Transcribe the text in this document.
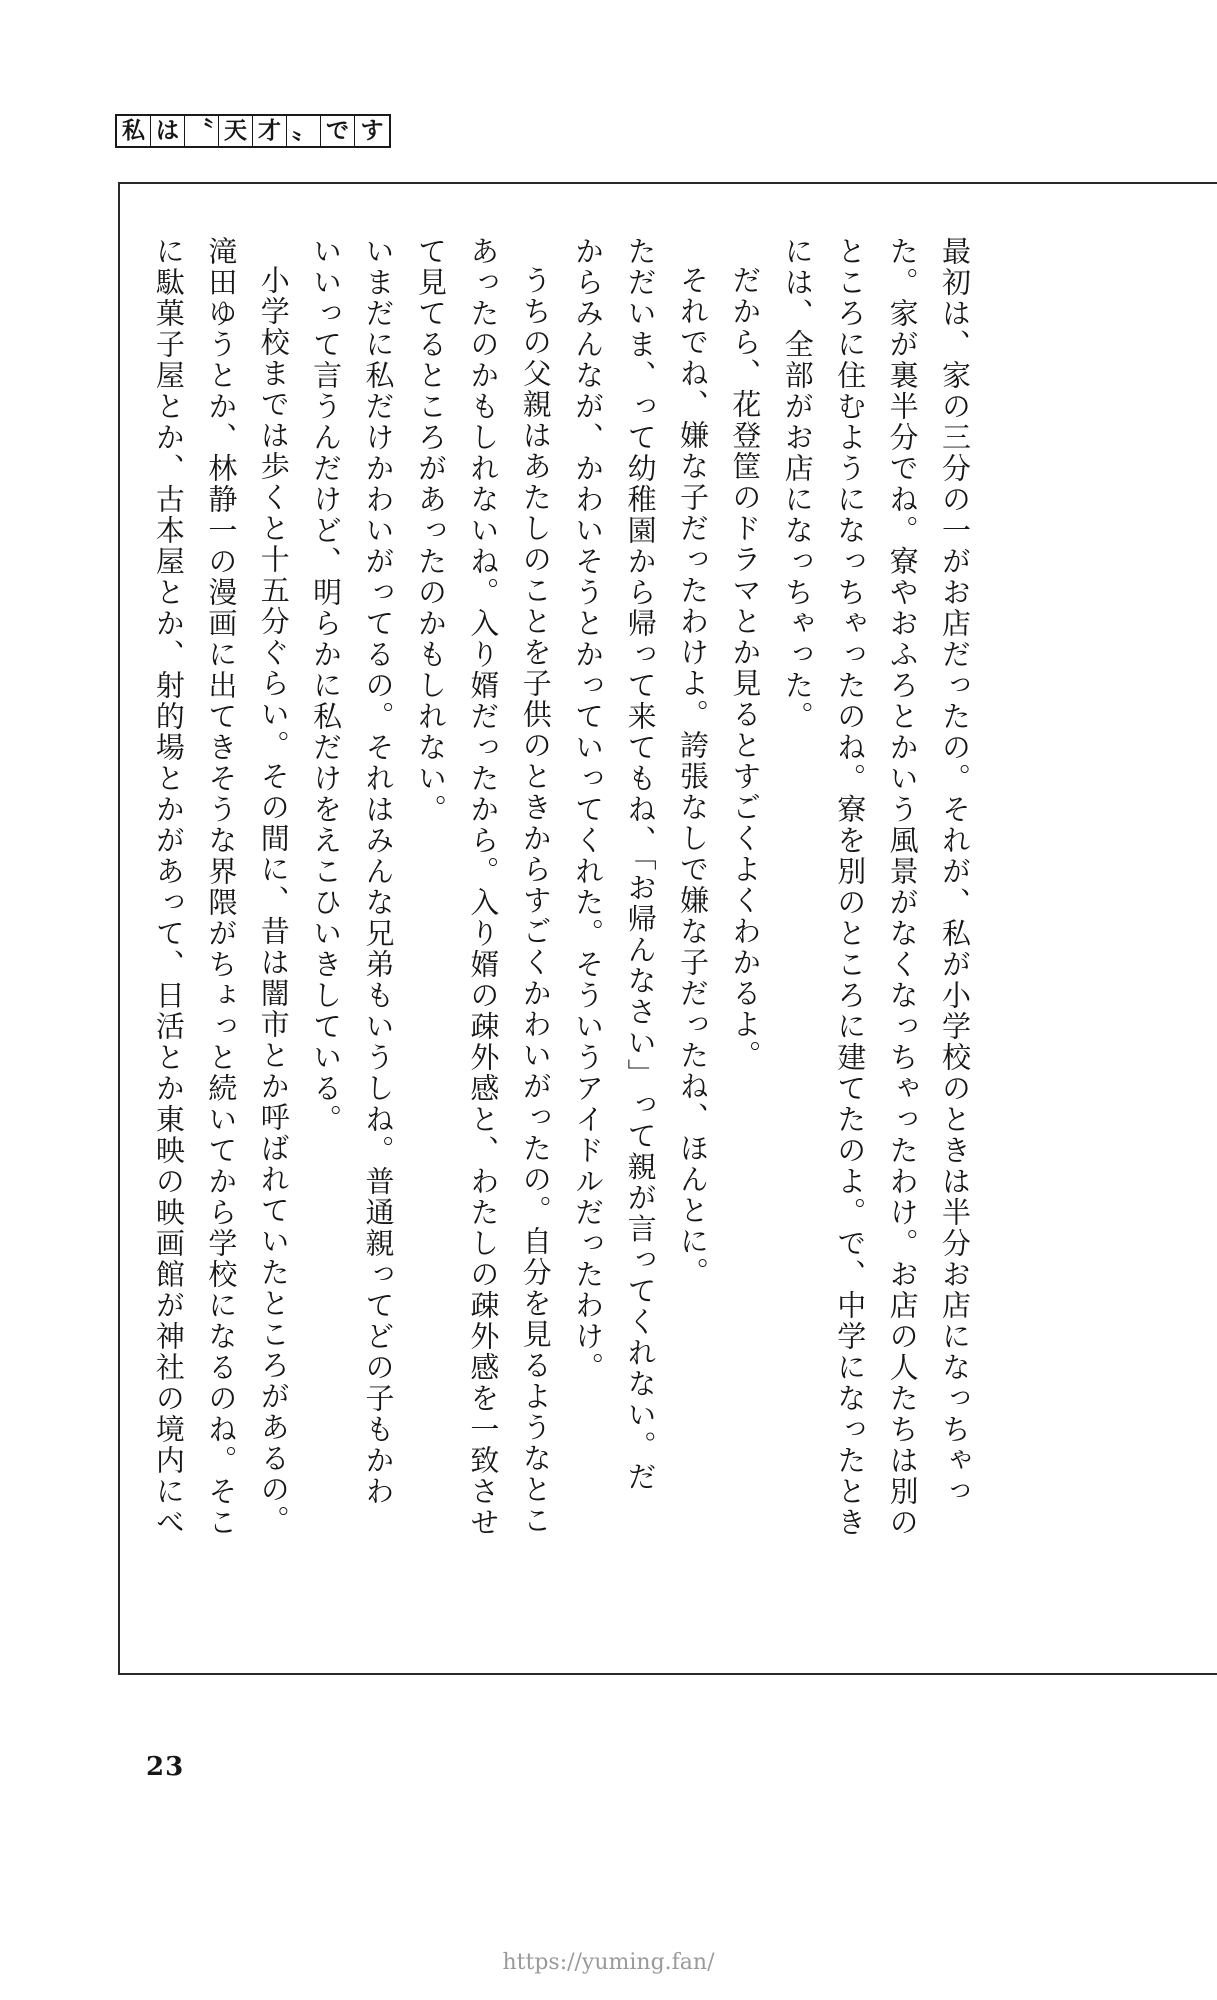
私 は 〝 天 才 〟 で す

最初は、家の三分の一がお店だったの。それが、私が小学校のときは半分お店になっちゃっ

た。家が裏半分でね。寮やおふろとかいう風景がなくなっちゃったわけ。お店の人たちは別の

ところに住むようになっちゃったのね。寮を別のところに建てたのよ。で、中学になったとき

には、全部がお店になっちゃった。

だから、花登筐のドラマとか見るとすごくよくわかるよ。

それでね、嫌な子だったわけよ。誇張なしで嫌な子だったね、ほんとに。

ただいま、って幼稚園から帰って来てもね、「お帰んなさい」って親が言ってくれない。だ

からみんなが、かわいそうとかっていってくれた。そういうアイドルだったわけ。

うちの父親はあたしのことを子供のときからすごくかわいがったの。自分を見るようなとこ

あったのかもしれないね。入り婿だったから。入り婿の疎外感と、わたしの疎外感を一致させ

て見てるところがあったのかもしれない。

いまだに私だけかわいがってるの。それはみんな兄弟もいうしね。普通親ってどの子もかわ

いいって言うんだけど、明らかに私だけをえこひいきしている。

小学校までは歩くと十五分ぐらい。その間に、昔は闇市とか呼ばれていたところがあるの。

滝田ゆうとか、林静一の漫画に出てきそうな界隈がちょっと続いてから学校になるのね。そこ

に駄菓子屋とか、古本屋とか、射的場とかがあって、日活とか東映の映画館が神社の境内にべ

23
https://yuming.fan/
